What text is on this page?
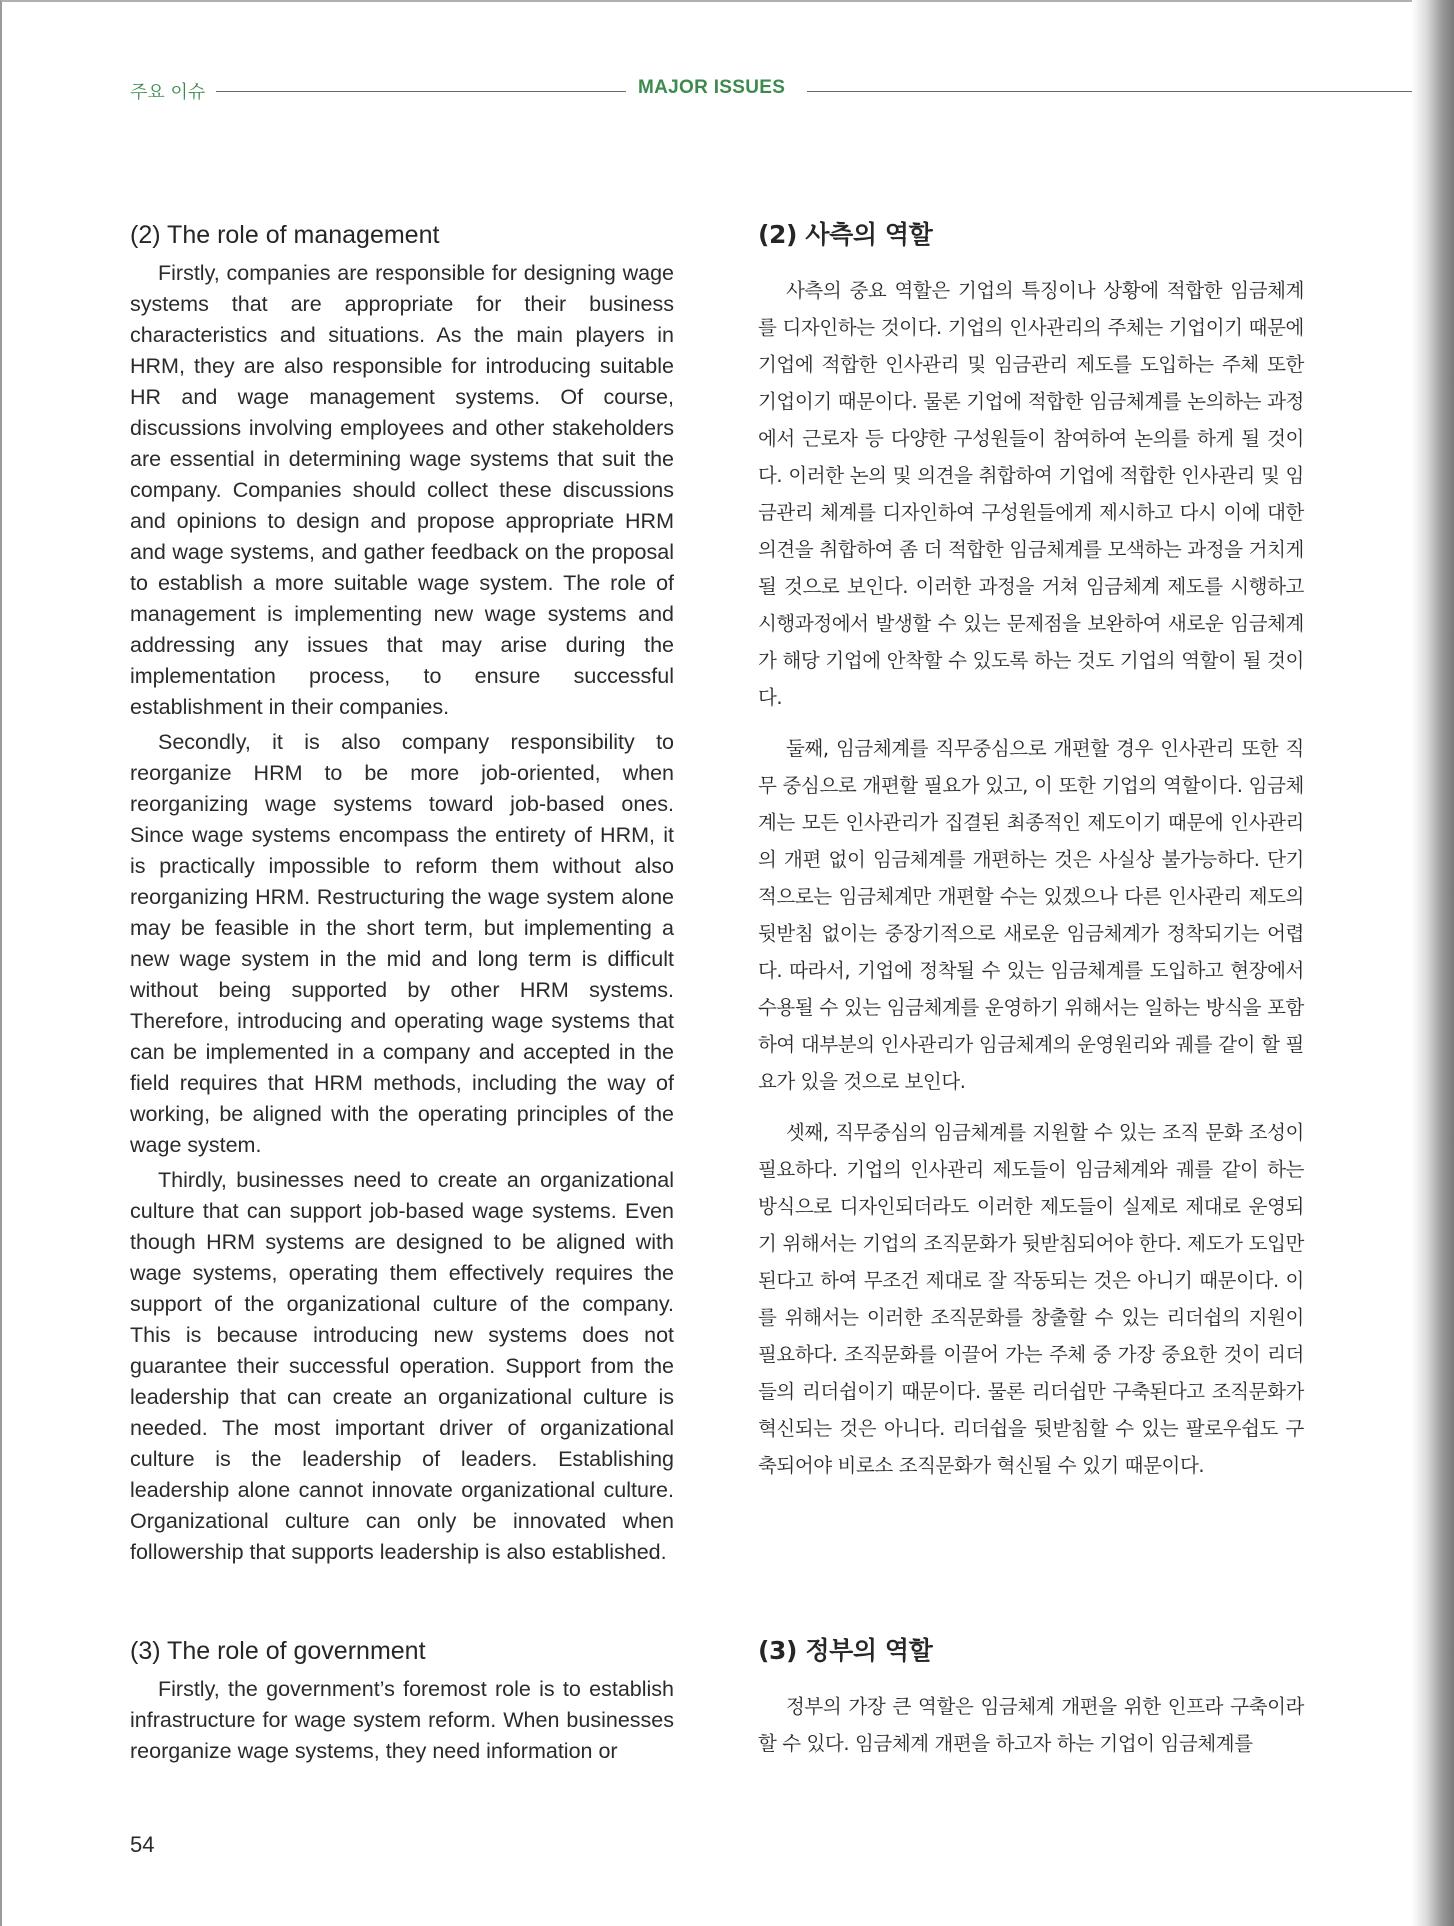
주요 이슈	MAJOR ISSUES
(2) The role of management

Firstly, companies are responsible for designing wage systems that are appropriate for their business characteristics and situations. As the main players in HRM, they are also responsible for introducing suitable HR and wage management systems. Of course, discussions involving employees and other stakeholders are essential in determining wage systems that suit the company. Companies should collect these discussions and opinions to design and propose appropriate HRM and wage systems, and gather feedback on the proposal to establish a more suitable wage system. The role of management is implementing new wage systems and addressing any issues that may arise during the implementation process, to ensure successful establishment in their companies.

Secondly, it is also company responsibility to reorganize HRM to be more job-oriented, when reorganizing wage systems toward job-based ones. Since wage systems encompass the entirety of HRM, it is practically impossible to reform them without also reorganizing HRM. Restructuring the wage system alone may be feasible in the short term, but implementing a new wage system in the mid and long term is difficult without being supported by other HRM systems. Therefore, introducing and operating wage systems that can be implemented in a company and accepted in the field requires that HRM methods, including the way of working, be aligned with the operating principles of the wage system.

Thirdly, businesses need to create an organizational culture that can support job-based wage systems. Even though HRM systems are designed to be aligned with wage systems, operating them effectively requires the support of the organizational culture of the company. This is because introducing new systems does not guarantee their successful operation. Support from the leadership that can create an organizational culture is needed. The most important driver of organizational culture is the leadership of leaders. Establishing leadership alone cannot innovate organizational culture. Organizational culture can only be innovated when followership that supports leadership is also established.

(2) 사측의 역할

사측의 중요 역할은 기업의 특징이나 상황에 적합한 임금체계를 디자인하는 것이다. 기업의 인사관리의 주체는 기업이기 때문에 기업에 적합한 인사관리 및 임금관리 제도를 도입하는 주체 또한 기업이기 때문이다. 물론 기업에 적합한 임금체계를 논의하는 과정에서 근로자 등 다양한 구성원들이 참여하여 논의를 하게 될 것이다. 이러한 논의 및 의견을 취합하여 기업에 적합한 인사관리 및 임금관리 체계를 디자인하여 구성원들에게 제시하고 다시 이에 대한 의견을 취합하여 좀 더 적합한 임금체계를 모색하는 과정을 거치게 될 것으로 보인다. 이러한 과정을 거쳐 임금체계 제도를 시행하고 시행과정에서 발생할 수 있는 문제점을 보완하여 새로운 임금체계가 해당 기업에 안착할 수 있도록 하는 것도 기업의 역할이 될 것이다.

둘째, 임금체계를 직무중심으로 개편할 경우 인사관리 또한 직무 중심으로 개편할 필요가 있고, 이 또한 기업의 역할이다. 임금체계는 모든 인사관리가 집결된 최종적인 제도이기 때문에 인사관리의 개편 없이 임금체계를 개편하는 것은 사실상 불가능하다. 단기적으로는 임금체계만 개편할 수는 있겠으나 다른 인사관리 제도의 뒷받침 없이는 중장기적으로 새로운 임금체계가 정착되기는 어렵다. 따라서, 기업에 정착될 수 있는 임금체계를 도입하고 현장에서 수용될 수 있는 임금체계를 운영하기 위해서는 일하는 방식을 포함하여 대부분의 인사관리가 임금체계의 운영원리와 궤를 같이 할 필요가 있을 것으로 보인다.

셋째, 직무중심의 임금체계를 지원할 수 있는 조직 문화 조성이 필요하다. 기업의 인사관리 제도들이 임금체계와 궤를 같이 하는 방식으로 디자인되더라도 이러한 제도들이 실제로 제대로 운영되기 위해서는 기업의 조직문화가 뒷받침되어야 한다. 제도가 도입만 된다고 하여 무조건 제대로 잘 작동되는 것은 아니기 때문이다. 이를 위해서는 이러한 조직문화를 창출할 수 있는 리더쉽의 지원이 필요하다. 조직문화를 이끌어 가는 주체 중 가장 중요한 것이 리더들의 리더쉽이기 때문이다. 물론 리더쉽만 구축된다고 조직문화가 혁신되는 것은 아니다. 리더쉽을 뒷받침할 수 있는 팔로우쉽도 구축되어야 비로소 조직문화가 혁신될 수 있기 때문이다.

(3) The role of government

Firstly, the government’s foremost role is to establish infrastructure for wage system reform. When businesses reorganize wage systems, they need information or

(3) 정부의 역할

정부의 가장 큰 역할은 임금체계 개편을 위한 인프라 구축이라 할 수 있다. 임금체계 개편을 하고자 하는 기업이 임금체계를

54
